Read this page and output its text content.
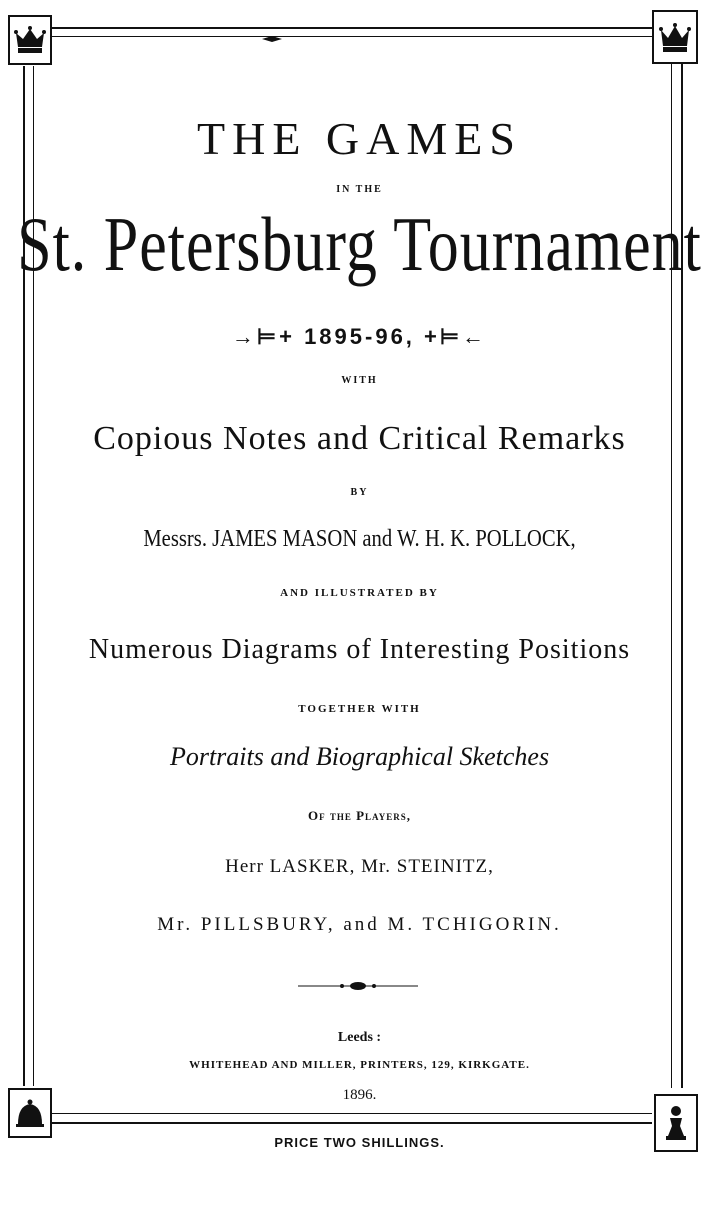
THE GAMES
IN THE
St. Petersburg Tournament
→⊨+ 1895-96, +⊨←
WITH
Copious Notes and Critical Remarks
BY
Messrs. JAMES MASON and W. H. K. POLLOCK,
AND ILLUSTRATED BY
Numerous Diagrams of Interesting Positions
TOGETHER WITH
Portraits and Biographical Sketches
Of the Players,
Herr LASKER, Mr. STEINITZ,
Mr. PILLSBURY, and M. TCHIGORIN.
Leeds :
WHITEHEAD AND MILLER, PRINTERS, 129, KIRKGATE.
1896.
PRICE TWO SHILLINGS.
